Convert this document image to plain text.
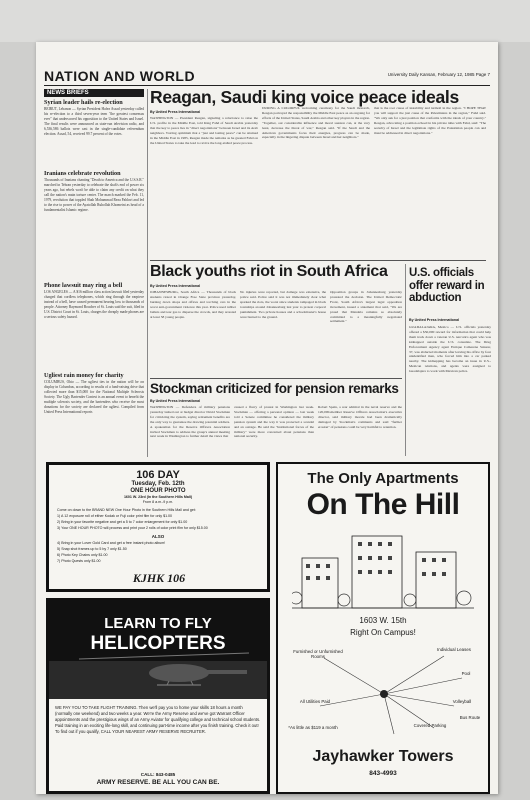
NATION AND WORLD	University Daily Kansan, February 12, 1985 Page 7
NEWS BRIEFS
Syrian leader hails re-election
BEIRUT, Lebanon — Syrian President Hafez Assad yesterday called his re-election to a third seven-year term "the greatest consensus ever" that underscored his opposition to the United States and Israel. The final results were announced as state-run television radio, and 6,536,586 ballots were cast in the single-candidate referendum election. Assad, 54, received 99.7 percent of the votes.
Iranians celebrate revolution
Thousands of Iranians chanting "Death to America and the U.S.S.R." marched in Tehran yesterday to celebrate the shah's end of power six years ago, but rebels won't be able to claim any credit on what they call the nation's main torture center. The march marked the Feb. 11, 1979, revolution that toppled Shah Mohammad Reza Pahlavi and led to the rise to power of the Ayatollah Ruhollah Khomeini as head of a fundamentalist Islamic regime.
Phone lawsuit may ring a bell
LOS ANGELES — A $16 million class action lawsuit filed yesterday charged that cordless telephones, which ring through the earpiece instead of a bell, have caused permanent hearing loss to thousands of people. Attorney Raymond Boucher of St. Louis said the suit, filed in U.S. District Court in St. Louis, charges the cheaply made phones are a serious safety hazard.
Ugliest rain money for charity
COLUMBUS, Ohio — The ugliest ties in the nation will be on display in Columbus, according to results of a fund-raising drive that collected more than $15,000 for the National Multiple Sclerosis Society. The Ugly Bartender Contest is an annual event to benefit the multiple sclerosis society, and the bartenders who receive the most donations for the society are declared the ugliest. Compiled from United Press International reports
Reagan, Saudi king voice peace ideals
By United Press International
WASHINGTON — President Reagan, signaling a reluctance to raise the U.S. profile in the Middle East, told King Fahd of Saudi Arabia yesterday that the key to peace lies in "direct negotiations" between Israel and its Arab neighbors. Voicing optimism that a "just and lasting peace" can be attained in the Middle East in 1985, Reagan made the remarks as he greeted Fahd on the United States to take the lead to revive the long-stalled peace process.
DURING A COLORFUL welcoming ceremony for the Saudi monarch, Reagan portrayed the responsibility the Middle East peace as an ongoing for efforts of the United States, Saudi Arabia and other key players in the region. "Together, our considerable influence and moral suasion can, at the very least, decrease the threat of war," Reagan said. "If the Saudi and the American governments focus their energies, progress can be made, especially in the lingering dispute between Israel and her neighbors."
that is the root cause of instability and turmoil in the region. "I HOPE THAT you will support the just cause of the Palestinians in the region," Fahd said. "We only ask for a just position that conforms with the ideals of your country." Reagan, advocating a position echoed in his private talks with Fahd, said: "The security of Israel and the legitimate rights of the Palestinian people can and must be addressed in direct negotiations."
Black youths riot in South Africa
By United Press International
JOHANNESBURG, South Africa — Thousands of black students rioted in Orange Free State province yesterday, burning down shops and offices and torching cars in the worst anti-government violence this year. Police used rubber bullets and tear gas to disperse the crowds, and they arrested at least 58 young people.
No injuries were reported, but damage was extensive, the police said. Police said it was not immediately clear what sparked the riots, the worst since students rampaged in black townships around Johannesburg last year to protest corporal punishment. Two private houses and a schoolmaster's house were burned to the ground.
Opposition groups in Johannesburg yesterday protested the decision. The United Democratic Front, South Africa's largest legal opposition movement, issued a statement that said, "We are proud that Mandela remains so absolutely committed to a meaningfully negotiated settlement."
U.S. officials offer reward in abduction
By United Press International
GUADALAJARA, Mexico — U.S. officials yesterday offered a $50,000 reward for information that could help them track down a veteran U.S. narcotics agent who was kidnapped outside the U.S. consulate. The Drug Enforcement Agency agent Enrique Camarena Salazar, 37, was abducted moments after leaving his office by four unidentified men, who forced him into a car parked nearby. The kidnapping has become an issue in U.S.-Mexican relations, and agents were assigned to Guadalajara to work with Mexican police.
Stockman criticized for pension remarks
By United Press International
WASHINGTON — Defenders of military pensions yesterday lashed out at budget director David Stockman for criticizing the system, saying retirement benefits are the only way to guarantee the drawing potential soldiers. A spokesman for the Reserve Officers Association invited Stockman to address the group's annual meeting next week in Washington to further detail the views that
caused a flurry of protest in Washington last week. Stockman — offering a personal opinion — last week told a Senate committee he considered the military pension system and the way it was protected a scandal and an outrage. He said the "institutional forces of the military" were more concerned about pensions than national security.
Robert Spain, a rear admiral in the naval reserve and the 120,000-member Reserve Officers Association's executive director, said military morale had been dramatically damaged by Stockman's comments and said "further erosion" of pensions could be very harmful to retention.
106 DAY
Tuesday, Feb. 12th
ONE HOUR PHOTO
1601 W. 23rd (In the Southern Hills Mall)
From 8 a.m.-9 p.m.
Come on down to the BRAND NEW One Hour Photo in the Southern Hills Mall and get:
1) A 12 exposure roll of either Kodak or Fuji color print film for only $1.00
2) Bring in your favorite negative and get a 5 to 7 color enlargement for only $1.00
3) Your ONE HOUR PHOTO will process and print your 2 rolls of color print film for only $15.00
ALSO
4) Bring in your Lover Gold Card and get a free instant photo album!
5) Snap shot frames up to 5 by 7 only $1.50
6) Photo Key Chains only $1.00
7) Photo Quests only $1.00
KJHK 106
LEARN TO FLY
HELICOPTERS
WE PAY YOU TO TAKE FLIGHT TRAINING. Then we'll pay you to home your skills 18 hours a month (normally one weekend) and two weeks a year. We're the Army Reserve and we've got Warrant Officer appointments and the prestigious wings of an Army Aviator for qualifying college and technical school students. Paid training in an exciting life-long skill, and continuing part-time income after you finish training. Check it out! To find out if you qualify, CALL YOUR NEAREST ARMY RESERVE RECRUITER.
CALL: 843-0485
ARMY RESERVE. BE ALL YOU CAN BE.
The Only Apartments
On The Hill
1603 W. 15th
Right On Campus!
Furnished or Unfurnished Rooms
Individual Leases
Pool
Volleyball
Covered Parking
Bus Route
All Utilities Paid
*As little as $119 a month
Jayhawker Towers
843-4993
